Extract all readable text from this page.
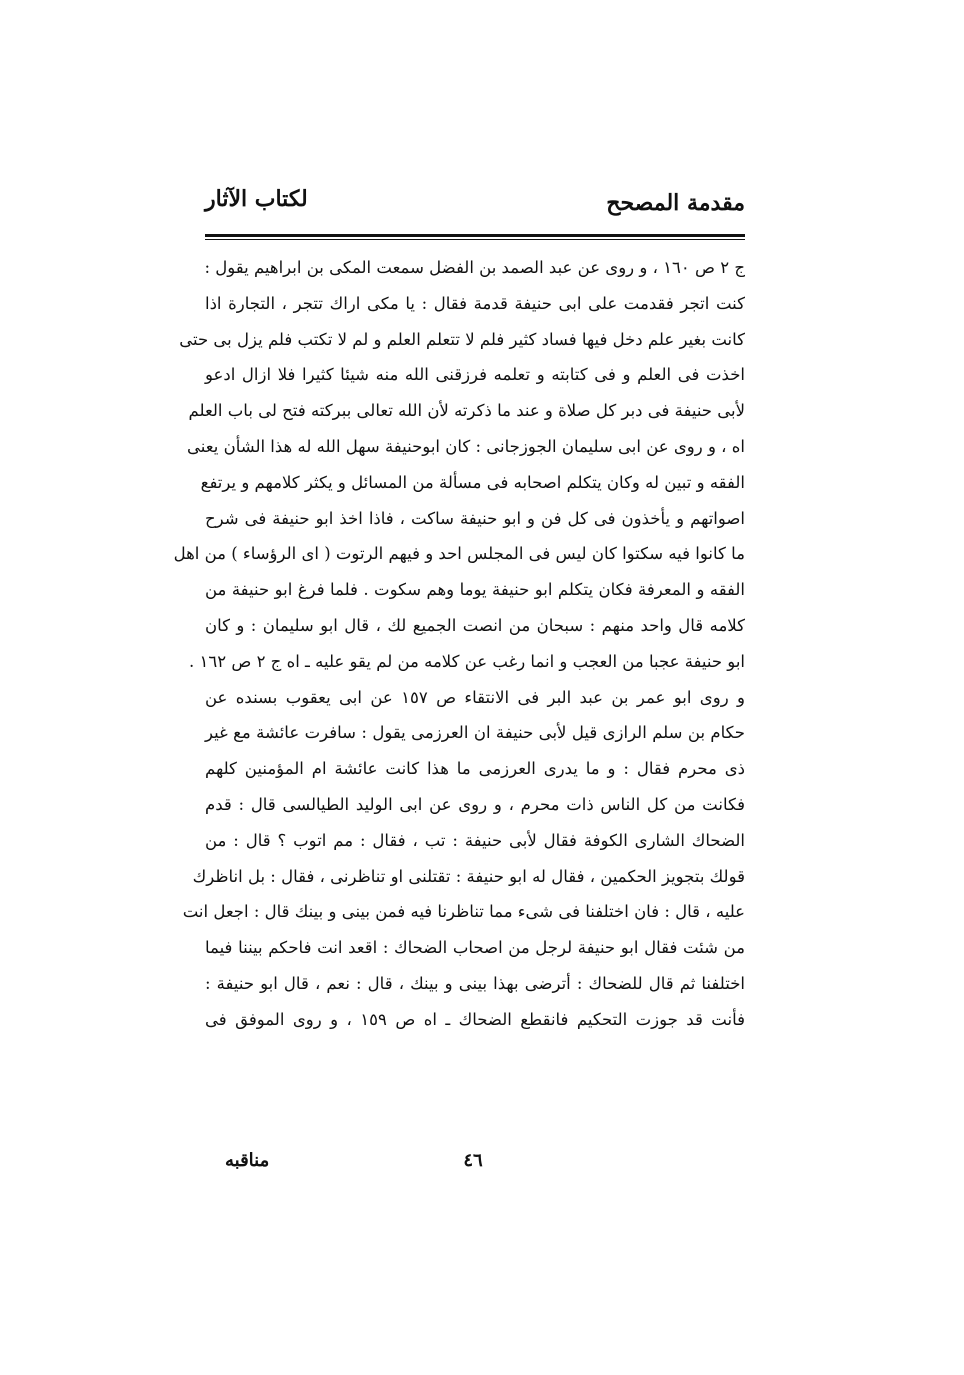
مقدمة المصحح
لكتاب الآثار
ج ٢ ص ١٦٠ ، و روى عن عبد الصمد بن الفضل سمعت المكى بن ابراهيم يقول :
كنت اتجر فقدمت على ابى حنيفة قدمة فقال : يا مكى اراك تتجر ، التجارة اذا
كانت بغير علم دخل فيها فساد كثير فلم لا تتعلم العلم و لم لا تكتب فلم يزل بى حتى
اخذت فى العلم و فى كتابته و تعلمه فرزقنى الله منه شيئا كثيرا فلا ازال ادعو
لأبى حنيفة فى دبر كل صلاة و عند ما ذكرته لأن الله تعالى ببركته فتح لى باب العلم
اه ، و روى عن ابى سليمان الجوزجانى : كان ابوحنيفة سهل الله له هذا الشأن يعنى
الفقه و تبين له وكان يتكلم اصحابه فى مسألة من المسائل و يكثر كلامهم و يرتفع
اصواتهم و يأخذون فى كل فن و ابو حنيفة ساكت ، فاذا اخذ ابو حنيفة فى شرح
ما كانوا فيه سكتوا كان ليس فى المجلس احد و فيهم الرتوت ( اى الرؤساء ) من اهل
الفقه و المعرفة فكان يتكلم ابو حنيفة يوما وهم سكوت . فلما فرغ ابو حنيفة من
كلامه قال واحد منهم : سبحان من انصت الجميع لك ، قال ابو سليمان : و كان
ابو حنيفة عجبا من العجب و انما رغب عن كلامه من لم يقو عليه ـ اه ج ٢ ص ١٦٢ .
و روى ابو عمر بن عبد البر فى الانتقاء ص ١٥٧ عن ابى يعقوب بسنده عن
حكام بن سلم الرازى قيل لأبى حنيفة ان العرزمى يقول : سافرت عائشة مع غير
ذى محرم فقال : و ما يدرى العرزمى ما هذا كانت عائشة ام المؤمنين كلهم
فكانت من كل الناس ذات محرم ، و روى عن ابى الوليد الطيالسى قال : قدم
الضحاك الشارى الكوفة فقال لأبى حنيفة : تب ، فقال : مم اتوب ؟ قال : من
قولك بتجويز الحكمين ، فقال له ابو حنيفة : تقتلنى او تناظرنى ، فقال : بل اناظرك
عليه ، قال : فان اختلفنا فى شىء مما تناظرنا فيه فمن بينى و بينك قال : اجعل انت
من شئت فقال ابو حنيفة لرجل من اصحاب الضحاك : اقعد انت فاحكم بيننا فيما
اختلفنا ثم قال للضحاك : أترضى بهذا بينى و بينك ، قال : نعم ، قال ابو حنيفة :
فأنت قد جوزت التحكيم فانقطع الضحاك ـ اه ص ١٥٩ ، و روى الموفق فى
٤٦
مناقبه
